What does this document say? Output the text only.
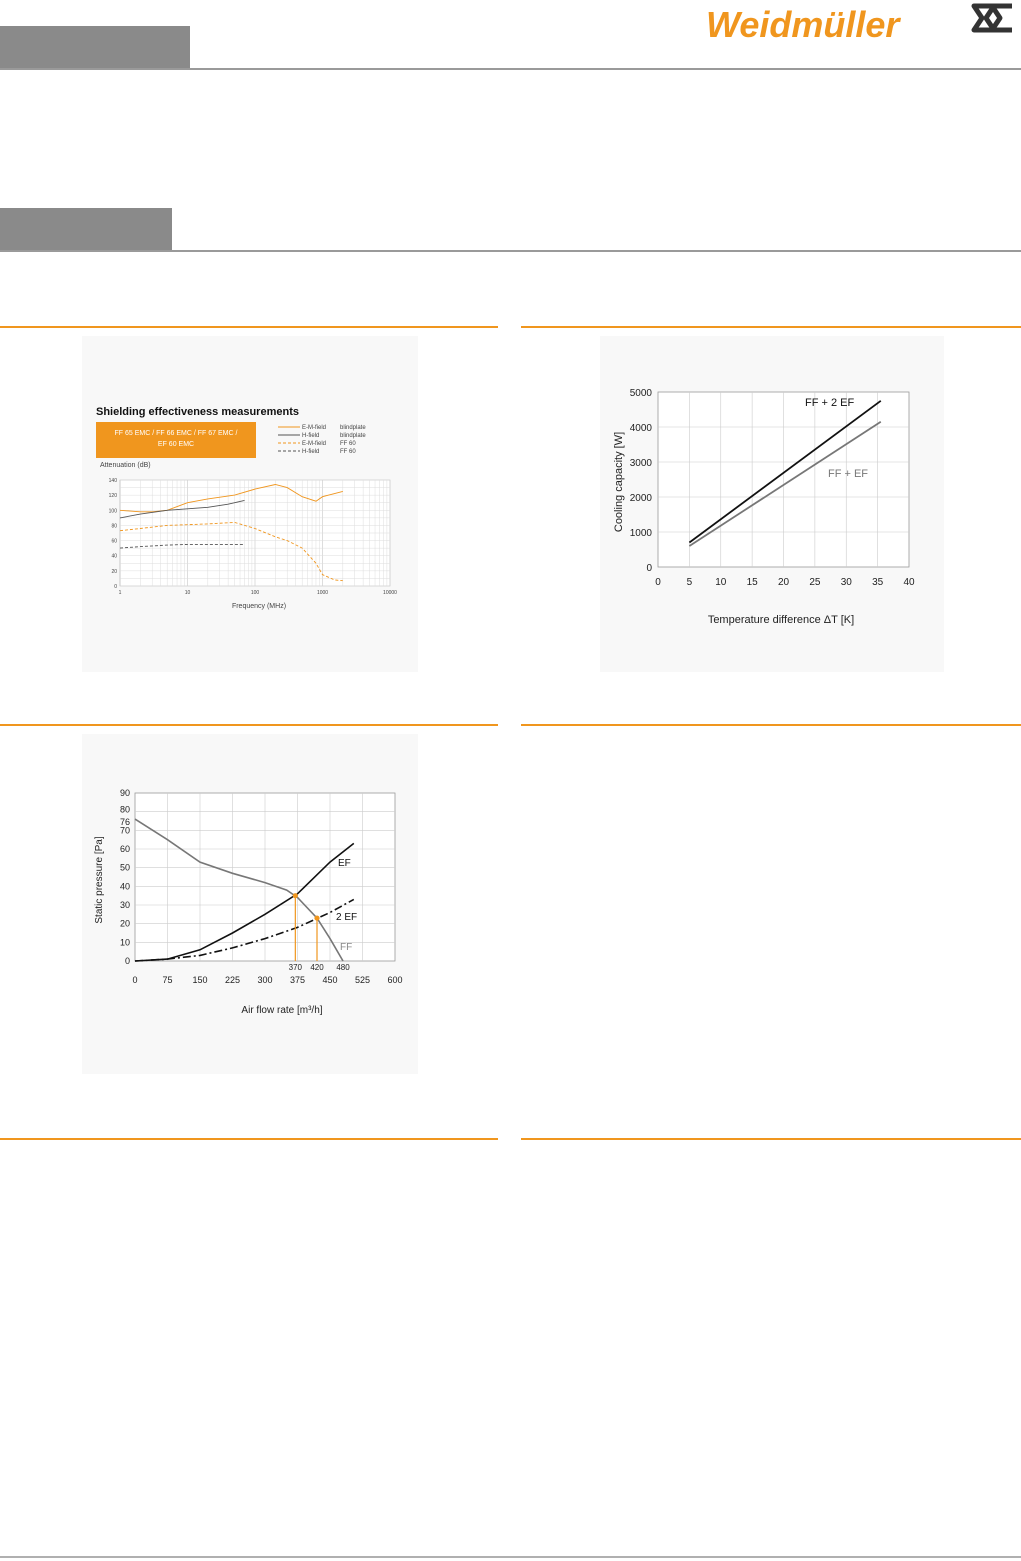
Weidmüller
Shielding effectiveness measurements
FF 65 EMC / FF 66 EMC / FF 67 EMC /
EF 60 EMC
E-M-field blindplate
H-field	blindplate
E-M-field FF 60
H-field	FF 60
Attenuation (dB)
Frequency (MHz)
140
120
100
80
60
40
20
0
1	10	100	1000	10000
5000
4000
3000
2000
1000
0
0	5 10 15 20 25 30 35 40
FF + 2 EF
FF + EF
Cooling capacity [W]
Temperature difference ΔT [K]
90
80
76
70
60
50
40
30
20
10
0
0	75 150 225 300 375 450 525 600
370 420 480
EF
2 EF
FF
Static pressure [Pa]
Air flow rate [m³/h]
